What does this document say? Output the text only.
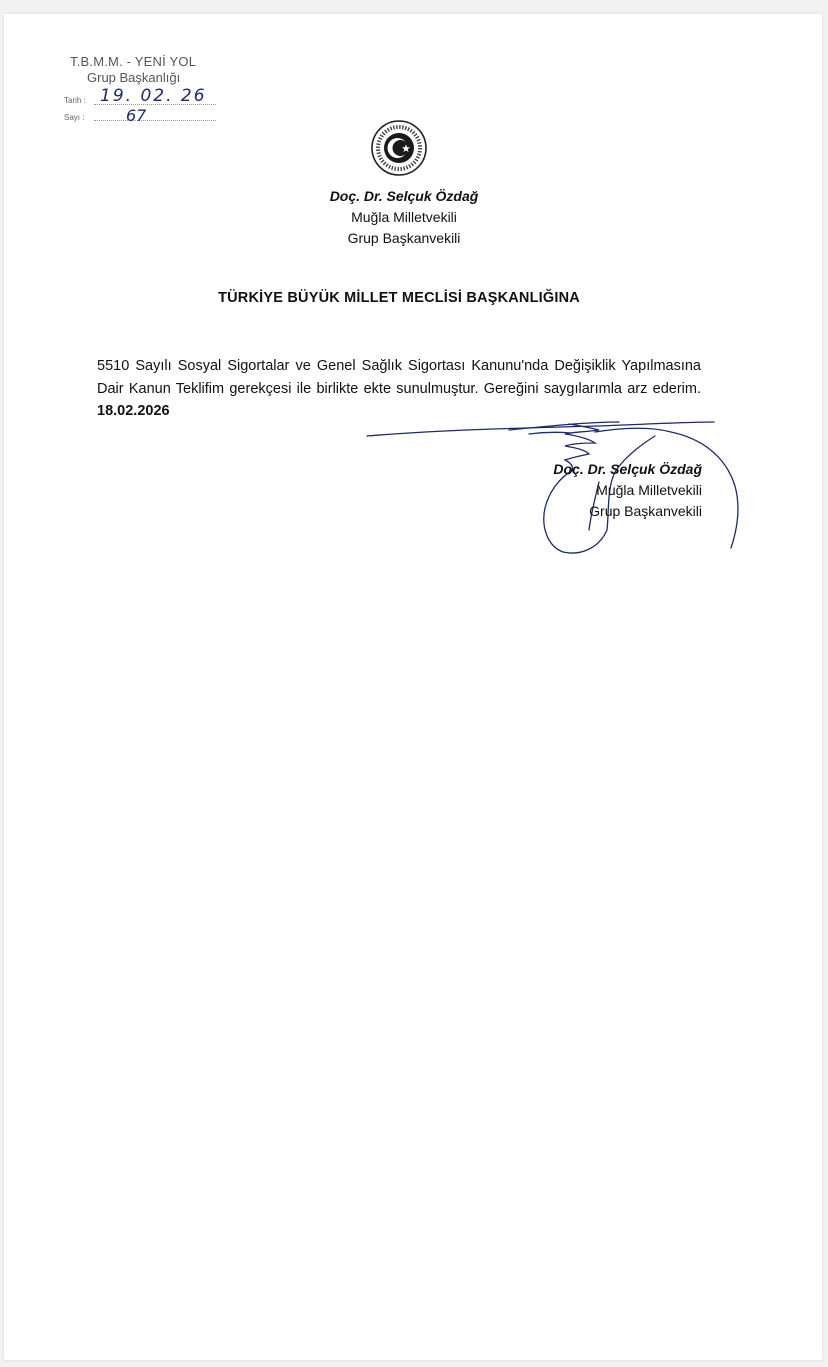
T.B.M.M. - YENİ YOL
Grup Başkanlığı
Tarih : 19. 02. 26
Sayı :	67
Doç. Dr. Selçuk Özdağ
Muğla Milletvekili
Grup Başkanvekili
TÜRKİYE BÜYÜK MİLLET MECLİSİ BAŞKANLIĞINA
5510 Sayılı Sosyal Sigortalar ve Genel Sağlık Sigortası Kanunu'nda Değişiklik Yapılmasına Dair Kanun Teklifim gerekçesi ile birlikte ekte sunulmuştur. Gereğini saygılarımla arz ederim. 18.02.2026
Doç. Dr. Selçuk Özdağ
Muğla Milletvekili
Grup Başkanvekili
